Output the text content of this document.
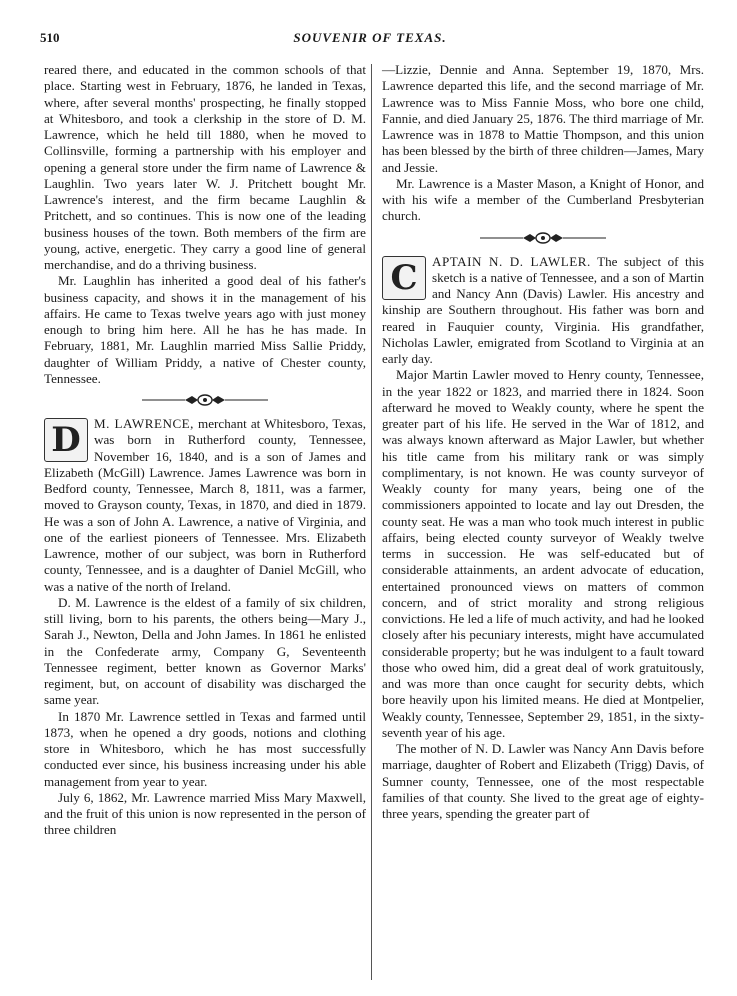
510	SOUVENIR OF TEXAS.

reared there, and educated in the common schools of that place. Starting west in February, 1876, he landed in Texas, where, after several months' prospecting, he finally stopped at Whitesboro, and took a clerkship in the store of D. M. Lawrence, which he held till 1880, when he moved to Collinsville, forming a partnership with his employer and opening a general store under the firm name of Lawrence & Laughlin. Two years later W. J. Pritchett bought Mr. Lawrence's interest, and the firm became Laughlin & Pritchett, and so continues. This is now one of the leading business houses of the town. Both members of the firm are young, active, energetic. They carry a good line of general merchandise, and do a thriving business.

Mr. Laughlin has inherited a good deal of his father's business capacity, and shows it in the management of his affairs. He came to Texas twelve years ago with just money enough to bring him here. All he has he has made. In February, 1881, Mr. Laughlin married Miss Sallie Priddy, daughter of William Priddy, a native of Chester county, Tennessee.

D	M. LAWRENCE, merchant at Whitesboro, Texas, was born in Rutherford county, Tennessee, November 16, 1840, and is a son of James and Elizabeth (McGill) Lawrence. James Lawrence was born in Bedford county, Tennessee, March 8, 1811, was a farmer, moved to Grayson county, Texas, in 1870, and died in 1879. He was a son of John A. Lawrence, a native of Virginia, and one of the earliest pioneers of Tennessee. Mrs. Elizabeth Lawrence, mother of our subject, was born in Rutherford county, Tennessee, and is a daughter of Daniel McGill, who was a native of the north of Ireland.

D. M. Lawrence is the eldest of a family of six children, still living, born to his parents, the others being—Mary J., Sarah J., Newton, Della and John James. In 1861 he enlisted in the Confederate army, Company G, Seventeenth Tennessee regiment, better known as Governor Marks' regiment, but, on account of disability was discharged the same year.

In 1870 Mr. Lawrence settled in Texas and farmed until 1873, when he opened a dry goods, notions and clothing store in Whitesboro, which he has most successfully conducted ever since, his business increasing under his able management from year to year.

July 6, 1862, Mr. Lawrence married Miss Mary Maxwell, and the fruit of this union is now represented in the person of three children

—Lizzie, Dennie and Anna. September 19, 1870, Mrs. Lawrence departed this life, and the second marriage of Mr. Lawrence was to Miss Fannie Moss, who bore one child, Fannie, and died January 25, 1876. The third marriage of Mr. Lawrence was in 1878 to Mattie Thompson, and this union has been blessed by the birth of three children—James, Mary and Jessie.

Mr. Lawrence is a Master Mason, a Knight of Honor, and with his wife a member of the Cumberland Presbyterian church.

C	APTAIN N. D. LAWLER. The subject of this sketch is a native of Tennessee, and a son of Martin and Nancy Ann (Davis) Lawler. His ancestry and kinship are Southern throughout. His father was born and reared in Fauquier county, Virginia. His grandfather, Nicholas Lawler, emigrated from Scotland to Virginia at an early day.

Major Martin Lawler moved to Henry county, Tennessee, in the year 1822 or 1823, and married there in 1824. Soon afterward he moved to Weakly county, where he spent the greater part of his life. He served in the War of 1812, and was always known afterward as Major Lawler, but whether his title came from his military rank or was simply complimentary, is not known. He was county surveyor of Weakly county for many years, being one of the commissioners appointed to locate and lay out Dresden, the county seat. He was a man who took much interest in public affairs, being elected county surveyor of Weakly twelve terms in succession. He was self-educated but of considerable attainments, an ardent advocate of education, entertained pronounced views on matters of common concern, and of strict morality and strong religious convictions. He led a life of much activity, and had he looked closely after his pecuniary interests, might have accumulated considerable property; but he was indulgent to a fault toward those who owed him, did a great deal of work gratuitously, and was more than once caught for security debts, which bore heavily upon his limited means. He died at Montpelier, Weakly county, Tennessee, September 29, 1851, in the sixty-seventh year of his age.

The mother of N. D. Lawler was Nancy Ann Davis before marriage, daughter of Robert and Elizabeth (Trigg) Davis, of Sumner county, Tennessee, one of the most respectable families of that county. She lived to the great age of eighty-three years, spending the greater part of
